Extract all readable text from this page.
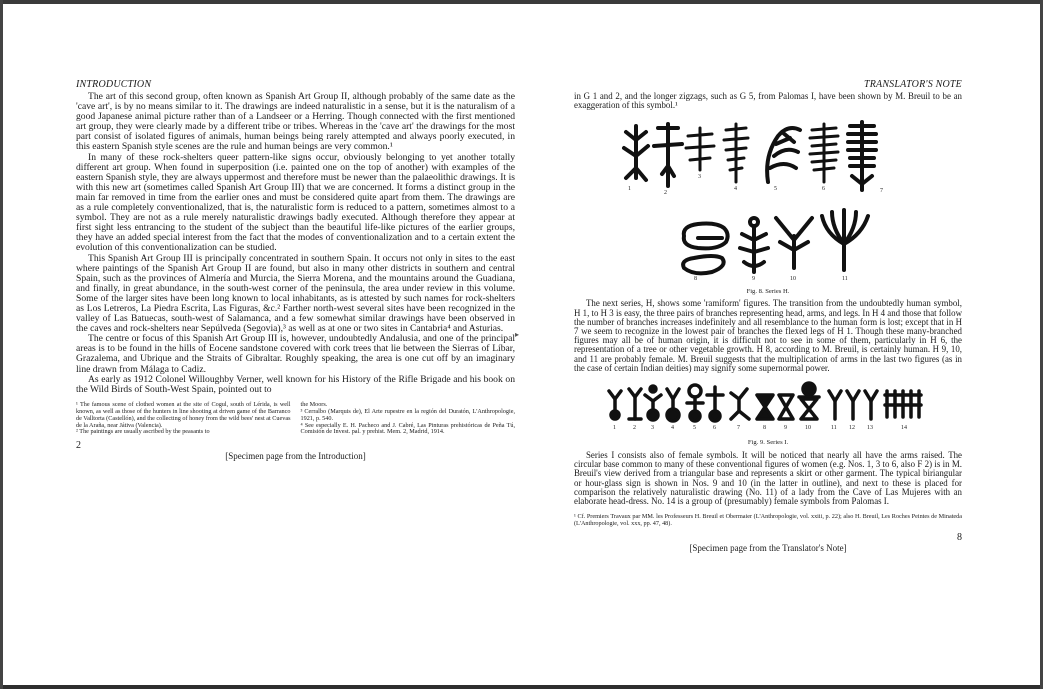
INTRODUCTION

The art of this second group, often known as Spanish Art Group II, although probably of the same date as the 'cave art', is by no means similar to it. The drawings are indeed naturalistic in a sense, but it is the naturalism of a good Japanese animal picture rather than of a Landseer or a Herring. Though connected with the first mentioned art group, they were clearly made by a different tribe or tribes. Whereas in the 'cave art' the drawings for the most part consist of isolated figures of animals, human beings being rarely attempted and always poorly executed, in this eastern Spanish style scenes are the rule and human beings are very common.¹

In many of these rock-shelters queer pattern-like signs occur, obviously belonging to yet another totally different art group. When found in superposition (i.e. painted one on the top of another) with examples of the eastern Spanish style, they are always uppermost and therefore must be newer than the palaeolithic drawings. It is with this new art (sometimes called Spanish Art Group III) that we are concerned. It forms a distinct group in the main far removed in time from the earlier ones and must be considered quite apart from them. The drawings are as a rule completely conventionalized, that is, the naturalistic form is reduced to a pattern, sometimes almost to a symbol. They are not as a rule merely naturalistic drawings badly executed. Although therefore they appear at first sight less entrancing to the student of the subject than the beautiful life-like pictures of the earlier groups, they have an added special interest from the fact that the modes of conventionalization and to a certain extent the evolution of this conventionalization can be studied.

This Spanish Art Group III is principally concentrated in southern Spain. It occurs not only in sites to the east where paintings of the Spanish Art Group II are found, but also in many other districts in southern and central Spain, such as the provinces of Almería and Murcia, the Sierra Morena, and the mountains around the Guadiana, and finally, in great abundance, in the south-west corner of the peninsula, the area under review in this volume. Some of the larger sites have been long known to local inhabitants, as is attested by such names for rock-shelters as Los Letreros, La Piedra Escrita, Las Figuras, &c.² Farther north-west several sites have been recognized in the valley of Las Batuecas, south-west of Salamanca, and a few somewhat similar drawings have been observed in the caves and rock-shelters near Sepúlveda (Segovia),³ as well as at one or two sites in Cantabria⁴ and Asturias.

The centre or focus of this Spanish Art Group III is, however, undoubtedly Andalusia, and one of the principal areas is to be found in the hills of Eocene sandstone covered with cork trees that lie between the Sierras of Líbar, Grazalema, and Ubrique and the Straits of Gibraltar. Roughly speaking, the area is one cut off by an imaginary line drawn from Málaga to Cadiz.

As early as 1912 Colonel Willoughby Verner, well known for his History of the Rifle Brigade and his book on the Wild Birds of South-West Spain, pointed out to

¹ The famous scene of clothed women at the site of Cogul, south of Lérida, is well known, as well as those of the hunters in line shooting at driven game of the Barranco de Valltorta (Castellón), and the collecting of honey from the wild bees' nest at Cuevas de la Araña, near Játiva (Valencia).

² The paintings are usually ascribed by the peasants to

the Moors.

³ Cerralbo (Marquis de), El Arte rupestre en la región del Duratón, L'Anthropologie, 1921, p. 540.

⁴ See especially E. H. Pacheco and J. Cabré, Las Pinturas prehistóricas de Peña Tú, Comisión de Invest. pal. y prehist. Mem. 2, Madrid, 1914.

2
[Specimen page from the Introduction]
▸
TRANSLATOR'S NOTE

in G 1 and 2, and the longer zigzags, such as G 5, from Palomas I, have been shown by M. Breuil to be an exaggeration of this symbol.¹

1
2
3
4	5	6	7
8	9	10	11
Fig. 8. Series H.

The next series, H, shows some 'ramiform' figures. The transition from the undoubtedly human symbol, H 1, to H 3 is easy, the three pairs of branches representing head, arms, and legs. In H 4 and those that follow the number of branches increases indefinitely and all resemblance to the human form is lost; except that in H 7 we seem to recognize in the lowest pair of branches the flexed legs of H 1. Though these many-branched figures may all be of human origin, it is difficult not to see in some of them, particularly in H 6, the representation of a tree or other vegetable growth. H 8, according to M. Breuil, is certainly human. H 9, 10, and 11 are probably female. M. Breuil suggests that the multiplication of arms in the last two figures (as in the case of certain Indian deities) may signify some supernormal power.

1	2	3	4	5	6	7	8	9	10	11 12 13	14
Fig. 9. Series I.

Series I consists also of female symbols. It will be noticed that nearly all have the arms raised. The circular base common to many of these conventional figures of women (e.g. Nos. 1, 3 to 6, also F 2) is in M. Breuil's view derived from a triangular base and represents a skirt or other garment. The typical biriangular or hour-glass sign is shown in Nos. 9 and 10 (in the latter in outline), and next to these is placed for comparison the relatively naturalistic drawing (No. 11) of a lady from the Cave of Las Mujeres with an elaborate head-dress. No. 14 is a group of (presumably) female symbols from Palomas I.

¹ Cf. Premiers Travaux par MM. les Professeurs H. Breuil et Obermaier (L'Anthropologie, vol. xxiii, p. 22); also H. Breuil, Les Roches Peintes de Minateda (L'Anthropologie, vol. xxx, pp. 47, 48).

8
[Specimen page from the Translator's Note]
